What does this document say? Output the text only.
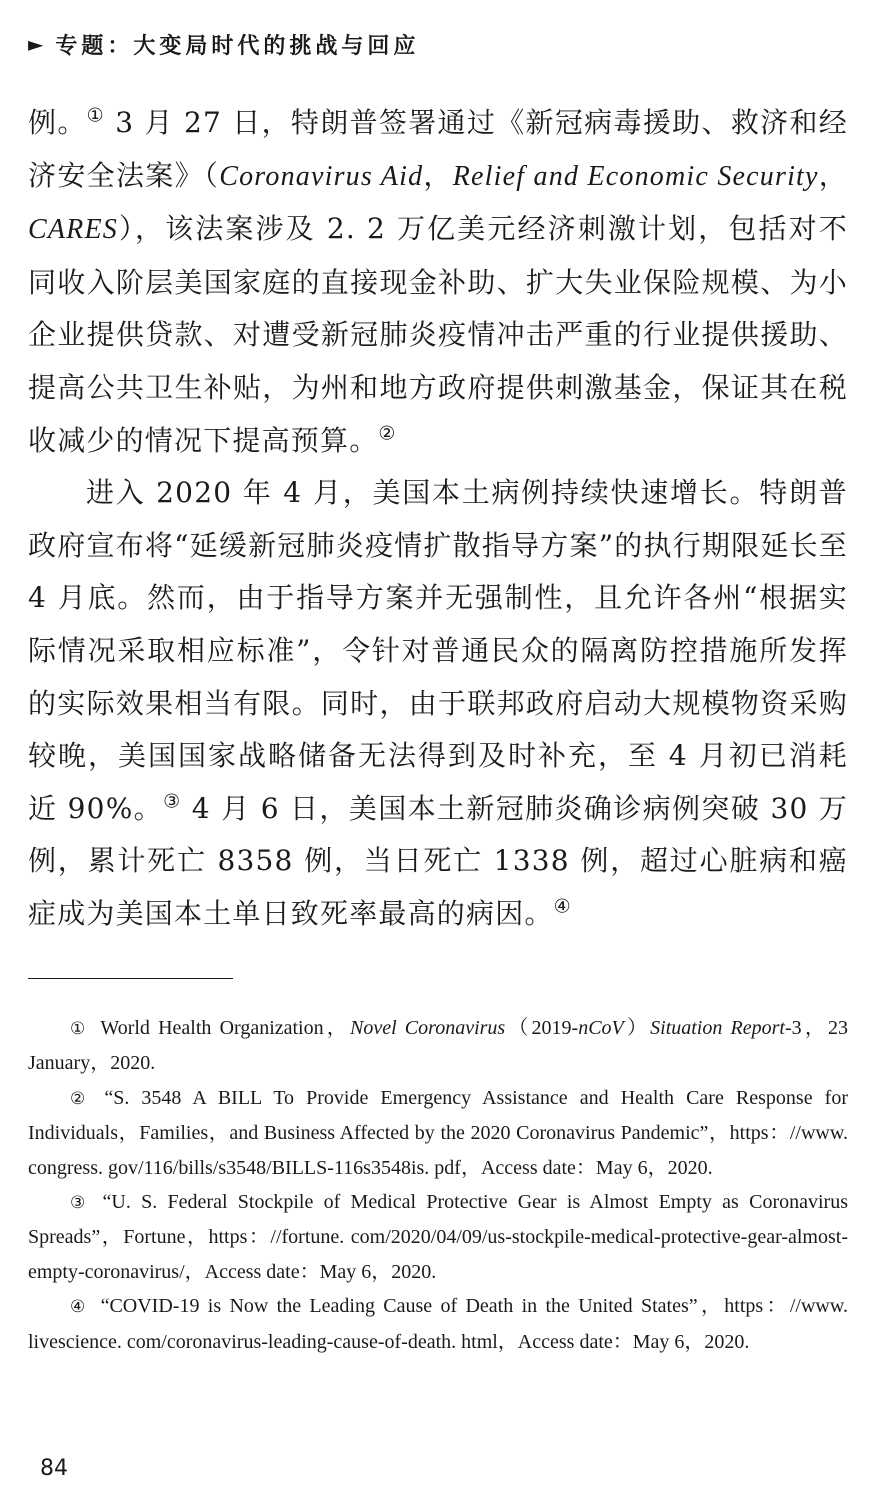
► 专题：大变局时代的挑战与回应

例。① 3 月 27 日，特朗普签署通过《新冠病毒援助、救济和经济安全法案》（Coronavirus Aid，Relief and Economic Security，CARES），该法案涉及 2. 2 万亿美元经济刺激计划，包括对不同收入阶层美国家庭的直接现金补助、扩大失业保险规模、为小企业提供贷款、对遭受新冠肺炎疫情冲击严重的行业提供援助、提高公共卫生补贴，为州和地方政府提供刺激基金，保证其在税收减少的情况下提高预算。②

进入 2020 年 4 月，美国本土病例持续快速增长。特朗普政府宣布将“延缓新冠肺炎疫情扩散指导方案”的执行期限延长至 4 月底。然而，由于指导方案并无强制性，且允许各州“根据实际情况采取相应标准”，令针对普通民众的隔离防控措施所发挥的实际效果相当有限。同时，由于联邦政府启动大规模物资采购较晚，美国国家战略储备无法得到及时补充，至 4 月初已消耗近 90%。③ 4 月 6 日，美国本土新冠肺炎确诊病例突破 30 万例，累计死亡 8358 例，当日死亡 1338 例，超过心脏病和癌症成为美国本土单日致死率最高的病因。④

① World Health Organization，Novel Coronavirus（2019-nCoV）Situation Report-3，23 January，2020.

② “S. 3548 A BILL To Provide Emergency Assistance and Health Care Response for Individuals，Families，and Business Affected by the 2020 Coronavirus Pandemic”，https：//www. congress. gov/116/bills/s3548/BILLS-116s3548is. pdf，Access date：May 6，2020.

③ “U. S. Federal Stockpile of Medical Protective Gear is Almost Empty as Coronavirus Spreads”，Fortune，https：//fortune. com/2020/04/09/us-stockpile-medical-protective-gear-almost-empty-coronavirus/，Access date：May 6，2020.

④ “COVID-19 is Now the Leading Cause of Death in the United States”，https：//www. livescience. com/coronavirus-leading-cause-of-death. html，Access date：May 6，2020.

84
